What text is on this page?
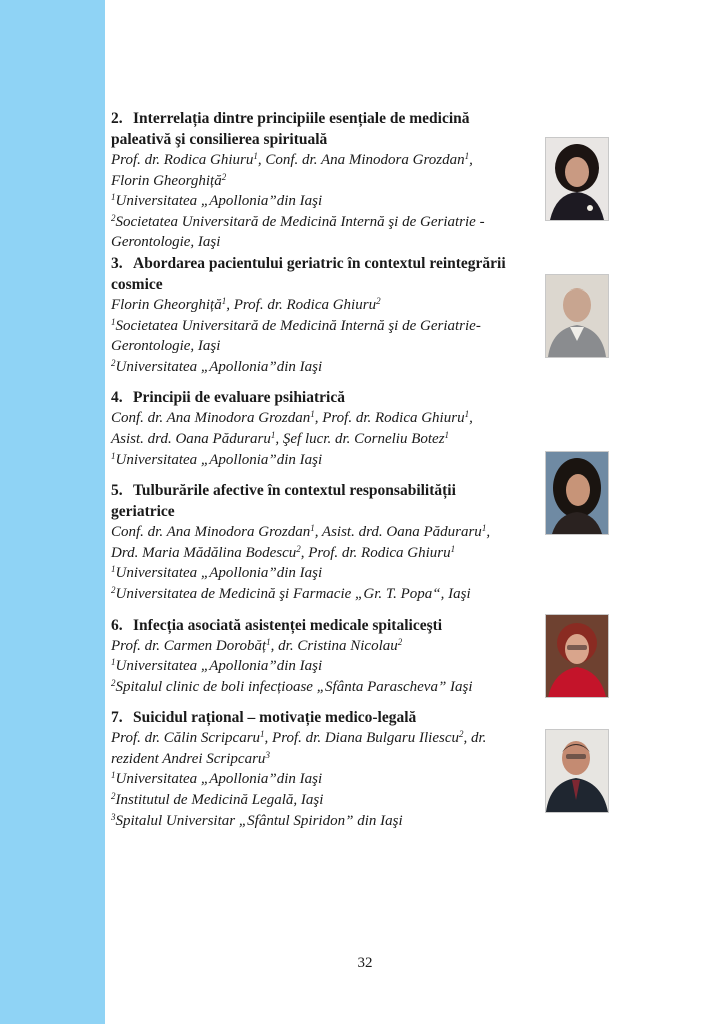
2. Interrelația dintre principiile esențiale de medicină
paleativă şi consilierea spirituală
Prof. dr. Rodica Ghiuru$^1$, Conf. dr. Ana Minodora Grozdan$^1$,
Florin Gheorghiță$^2$
$^1$Universitatea „Apollonia”din Iaşi
$^2$Societatea Universitară de Medicină Internă şi de Geriatrie -
Gerontologie, Iaşi
3. Abordarea pacientului geriatric în contextul reintegrării
cosmice
Florin Gheorghiță$^1$, Prof. dr. Rodica Ghiuru$^2$
$^1$Societatea Universitară de Medicină Internă şi de Geriatrie-
Gerontologie, Iaşi
$^2$Universitatea „Apollonia”din Iaşi
4. Principii de evaluare psihiatrică
Conf. dr. Ana Minodora Grozdan$^1$, Prof. dr. Rodica Ghiuru$^1$,
Asist. drd. Oana Păduraru$^1$, Şef lucr. dr. Corneliu Botez$^1$
$^1$Universitatea „Apollonia”din Iaşi
5. Tulburările afective în contextul responsabilității
geriatrice
Conf. dr. Ana Minodora Grozdan$^1$, Asist. drd. Oana Păduraru$^1$,
Drd. Maria Mădălina Bodescu$^2$, Prof. dr. Rodica Ghiuru$^1$
$^1$Universitatea „Apollonia”din Iaşi
$^2$Universitatea de Medicină şi Farmacie „Gr. T. Popa“, Iaşi
6. Infecția asociată asistenței medicale spitaliceşti
Prof. dr. Carmen Dorobăț$^1$, dr. Cristina Nicolau$^2$
$^1$Universitatea „Apollonia”din Iaşi
$^2$Spitalul clinic de boli infecțioase „Sfânta Parascheva” Iaşi
7. Suicidul rațional – motivație medico-legală
Prof. dr. Călin Scripcaru$^1$, Prof. dr. Diana Bulgaru Iliescu$^2$, dr.
rezident Andrei Scripcaru$^3$
$^1$Universitatea „Apollonia”din Iaşi
$^2$Institutul de Medicină Legală, Iaşi
$^3$Spitalul Universitar „Sfântul Spiridon” din Iaşi
32
